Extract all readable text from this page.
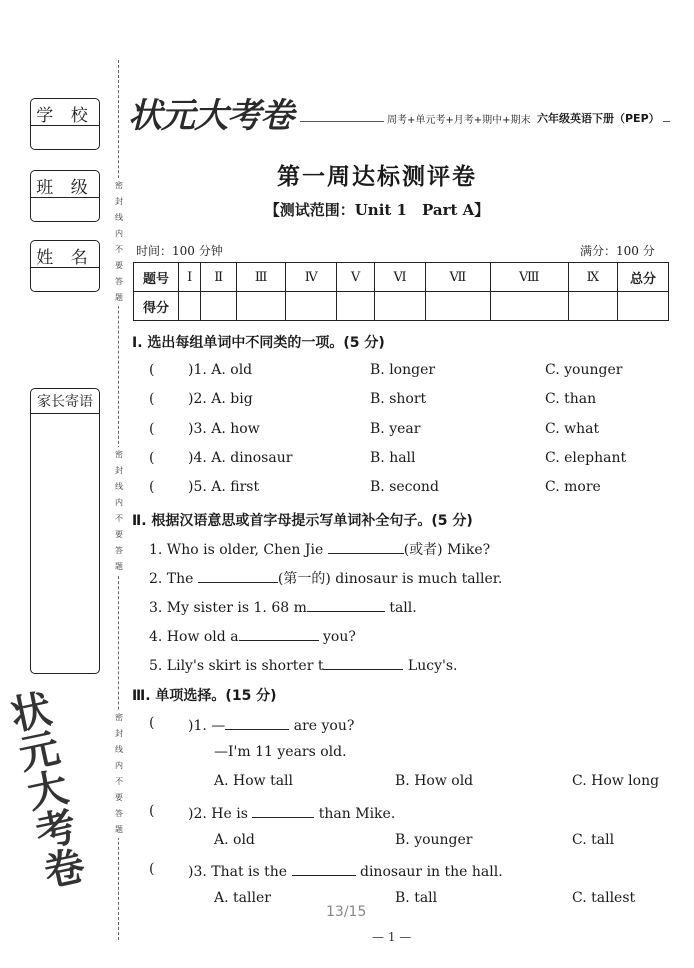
学 校
班 级
姓 名
家长寄语
密封线内不要答题
密封线内不要答题
密封线内不要答题
状元大考卷
状元大考卷	周考+单元考+月考+期中+期末 六年级英语下册（PEP）
第一周达标测评卷
【测试范围：Unit 1　Part A】
时间：100 分钟	满分：100 分
题号	Ⅰ	Ⅱ	Ⅲ	Ⅳ	Ⅴ	Ⅵ	Ⅶ	Ⅷ	Ⅸ	总分
得分										
Ⅰ. 选出每组单词中不同类的一项。(5 分)
( )1. A. old	B. longer	C. younger
( )2. A. big	B. short	C. than
( )3. A. how	B. year	C. what
( )4. A. dinosaur	B. hall	C. elephant
( )5. A. first	B. second	C. more
Ⅱ. 根据汉语意思或首字母提示写单词补全句子。(5 分)
1. Who is older, Chen Jie	(或者) Mike?
2. The	(第一的) dinosaur is much taller.
3. My sister is 1. 68 m	tall.
4. How old a	you?
5. Lily's skirt is shorter t	Lucy's.
Ⅲ. 单项选择。(15 分)
( )1. —	are you?
—I'm 11 years old.
A. How tall	B. How old	C. How long
( )2. He is	than Mike.
A. old	B. younger	C. tall
( )3. That is the	dinosaur in the hall.
A. taller	B. tall	C. tallest
13/15
— 1 —
